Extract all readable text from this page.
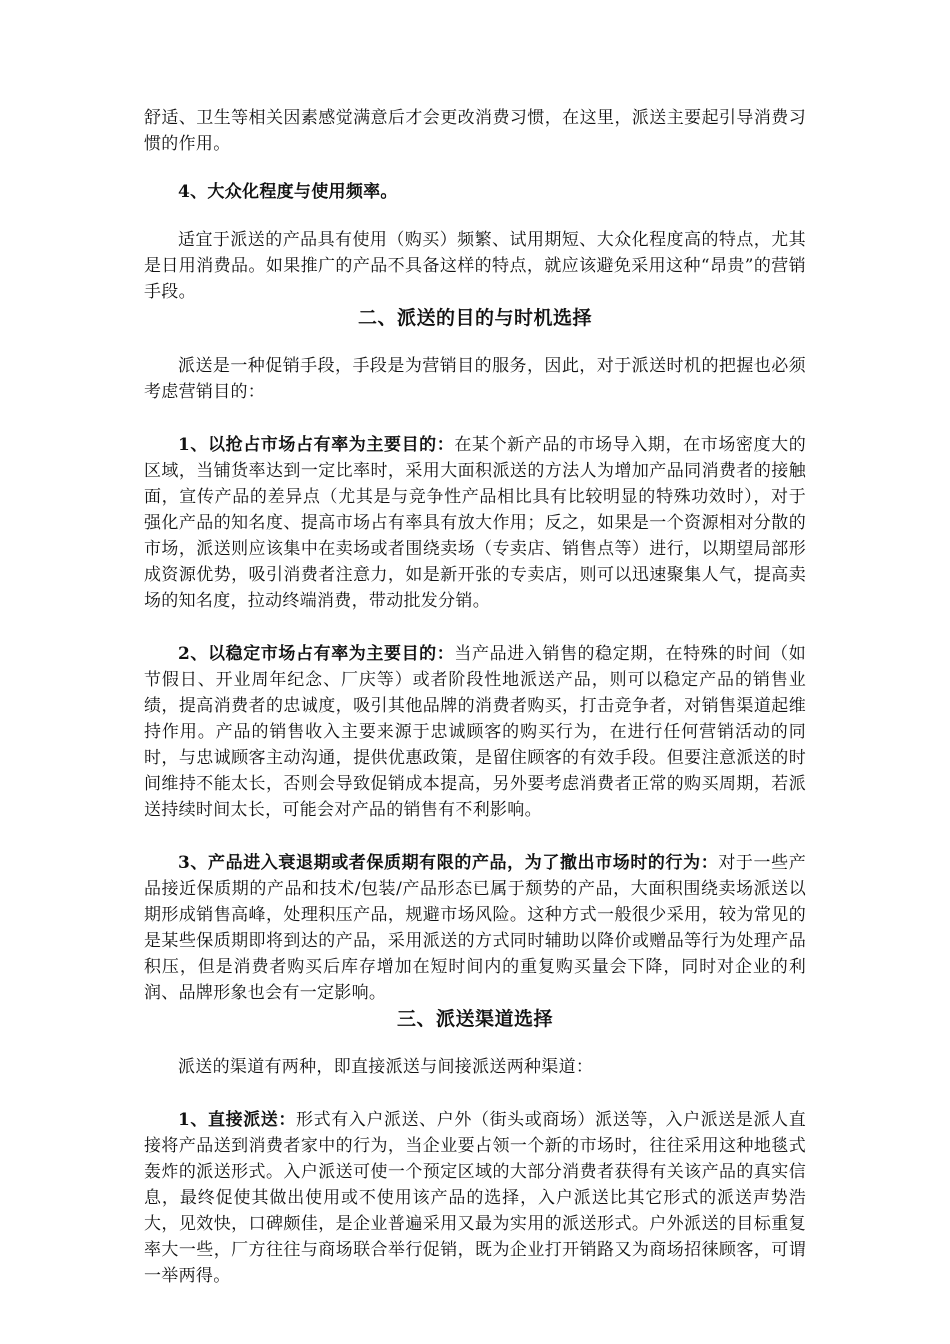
舒适、卫生等相关因素感觉满意后才会更改消费习惯，在这里，派送主要起引导消费习惯的作用。

4、大众化程度与使用频率。

适宜于派送的产品具有使用（购买）频繁、试用期短、大众化程度高的特点，尤其是日用消费品。如果推广的产品不具备这样的特点，就应该避免采用这种“昂贵”的营销手段。

二、派送的目的与时机选择

派送是一种促销手段，手段是为营销目的服务，因此，对于派送时机的把握也必须考虑营销目的：

1、以抢占市场占有率为主要目的：在某个新产品的市场导入期，在市场密度大的区域，当铺货率达到一定比率时，采用大面积派送的方法人为增加产品同消费者的接触面，宣传产品的差异点（尤其是与竞争性产品相比具有比较明显的特殊功效时），对于强化产品的知名度、提高市场占有率具有放大作用；反之，如果是一个资源相对分散的市场，派送则应该集中在卖场或者围绕卖场（专卖店、销售点等）进行，以期望局部形成资源优势，吸引消费者注意力，如是新开张的专卖店，则可以迅速聚集人气，提高卖场的知名度，拉动终端消费，带动批发分销。

2、以稳定市场占有率为主要目的：当产品进入销售的稳定期，在特殊的时间（如节假日、开业周年纪念、厂庆等）或者阶段性地派送产品，则可以稳定产品的销售业绩，提高消费者的忠诚度，吸引其他品牌的消费者购买，打击竞争者，对销售渠道起维持作用。产品的销售收入主要来源于忠诚顾客的购买行为，在进行任何营销活动的同时，与忠诚顾客主动沟通，提供优惠政策，是留住顾客的有效手段。但要注意派送的时间维持不能太长，否则会导致促销成本提高，另外要考虑消费者正常的购买周期，若派送持续时间太长，可能会对产品的销售有不利影响。

3、产品进入衰退期或者保质期有限的产品，为了撤出市场时的行为：对于一些产品接近保质期的产品和技术/包装/产品形态已属于颓势的产品，大面积围绕卖场派送以期形成销售高峰，处理积压产品，规避市场风险。这种方式一般很少采用，较为常见的是某些保质期即将到达的产品，采用派送的方式同时辅助以降价或赠品等行为处理产品积压，但是消费者购买后库存增加在短时间内的重复购买量会下降，同时对企业的利润、品牌形象也会有一定影响。

三、派送渠道选择

派送的渠道有两种，即直接派送与间接派送两种渠道：

1、直接派送：形式有入户派送、户外（街头或商场）派送等，入户派送是派人直接将产品送到消费者家中的行为，当企业要占领一个新的市场时，往往采用这种地毯式轰炸的派送形式。入户派送可使一个预定区域的大部分消费者获得有关该产品的真实信息，最终促使其做出使用或不使用该产品的选择，入户派送比其它形式的派送声势浩大，见效快，口碑颇佳，是企业普遍采用又最为实用的派送形式。户外派送的目标重复率大一些，厂方往往与商场联合举行促销，既为企业打开销路又为商场招徕顾客，可谓一举两得。
